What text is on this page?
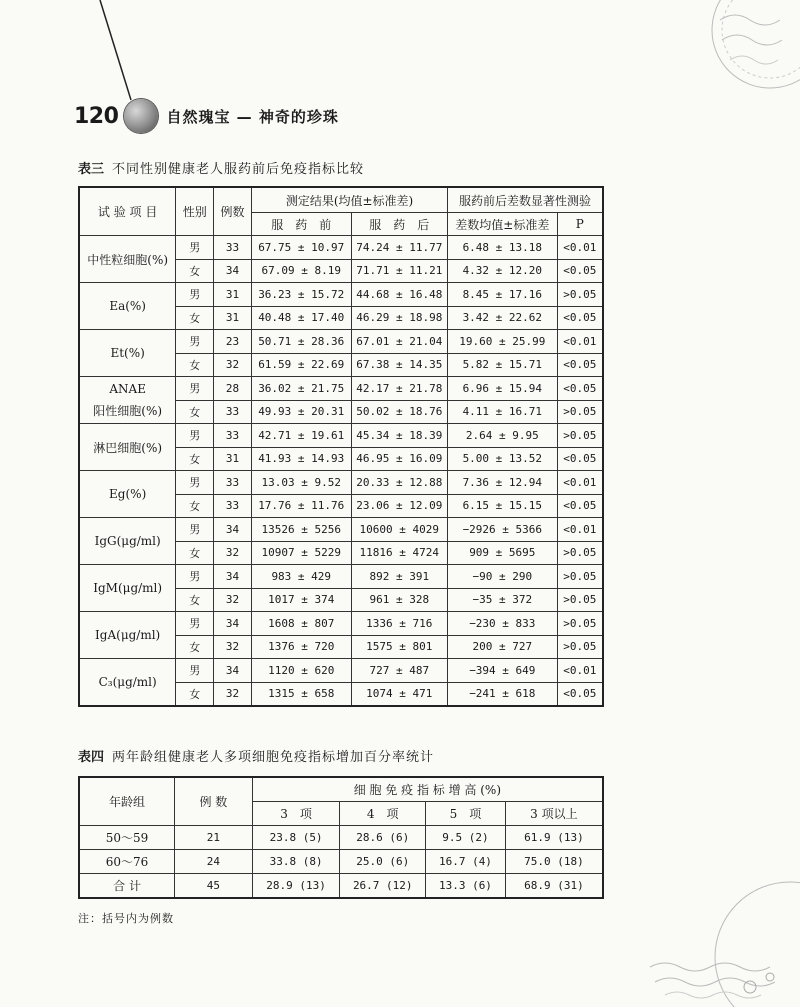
120	自然瑰宝 — 神奇的珍珠
表三 不同性别健康老人服药前后免疫指标比较
试 验 项 目	性别	例数	测定结果(均值±标准差)		服药前后差数显著性测验	
			服　药　前	服　药　后	差数均值±标准差	P

中性粒细胞(%)	男	33	67.75 ± 10.97	74.24 ± 11.77	6.48 ± 13.18	<0.01
	女	34	67.09 ± 8.19	71.71 ± 11.21	4.32 ± 12.20	<0.05

Ea(%)	男	31	36.23 ± 15.72	44.68 ± 16.48	8.45 ± 17.16	>0.05
	女	31	40.48 ± 17.40	46.29 ± 18.98	3.42 ± 22.62	<0.05

Et(%)	男	23	50.71 ± 28.36	67.01 ± 21.04	19.60 ± 25.99	<0.01
	女	32	61.59 ± 22.69	67.38 ± 14.35	5.82 ± 15.71	<0.05

ANAE
阳性细胞(%)	男	28	36.02 ± 21.75	42.17 ± 21.78	6.96 ± 15.94	<0.05
	女	33	49.93 ± 20.31	50.02 ± 18.76	4.11 ± 16.71	>0.05

淋巴细胞(%)	男	33	42.71 ± 19.61	45.34 ± 18.39	2.64 ± 9.95	>0.05
	女	31	41.93 ± 14.93	46.95 ± 16.09	5.00 ± 13.52	<0.05

Eg(%)	男	33	13.03 ± 9.52	20.33 ± 12.88	7.36 ± 12.94	<0.01
	女	33	17.76 ± 11.76	23.06 ± 12.09	6.15 ± 15.15	<0.05

IgG(μg/ml)	男	34	13526 ± 5256	10600 ± 4029	−2926 ± 5366	<0.01
	女	32	10907 ± 5229	11816 ± 4724	909 ± 5695	>0.05

IgM(μg/ml)	男	34	983 ± 429	892 ± 391	−90 ± 290	>0.05
	女	32	1017 ± 374	961 ± 328	−35 ± 372	>0.05

IgA(μg/ml)	男	34	1608 ± 807	1336 ± 716	−230 ± 833	>0.05
	女	32	1376 ± 720	1575 ± 801	200 ± 727	>0.05

C₃(μg/ml)	男	34	1120 ± 620	727 ± 487	−394 ± 649	<0.01
	女	32	1315 ± 658	1074 ± 471	−241 ± 618	<0.05
表四 两年龄组健康老人多项细胞免疫指标增加百分率统计
年龄组	例 数	细 胞 免 疫 指 标 增 高 (%)			
		3　项	4　项	5　项	3 项以上
50～59	21	23.8 (5)	28.6 (6)	9.5 (2)	61.9 (13)
60～76	24	33.8 (8)	25.0 (6)	16.7 (4)	75.0 (18)
合 计	45	28.9 (13)	26.7 (12)	13.3 (6)	68.9 (31)
注：括号内为例数
